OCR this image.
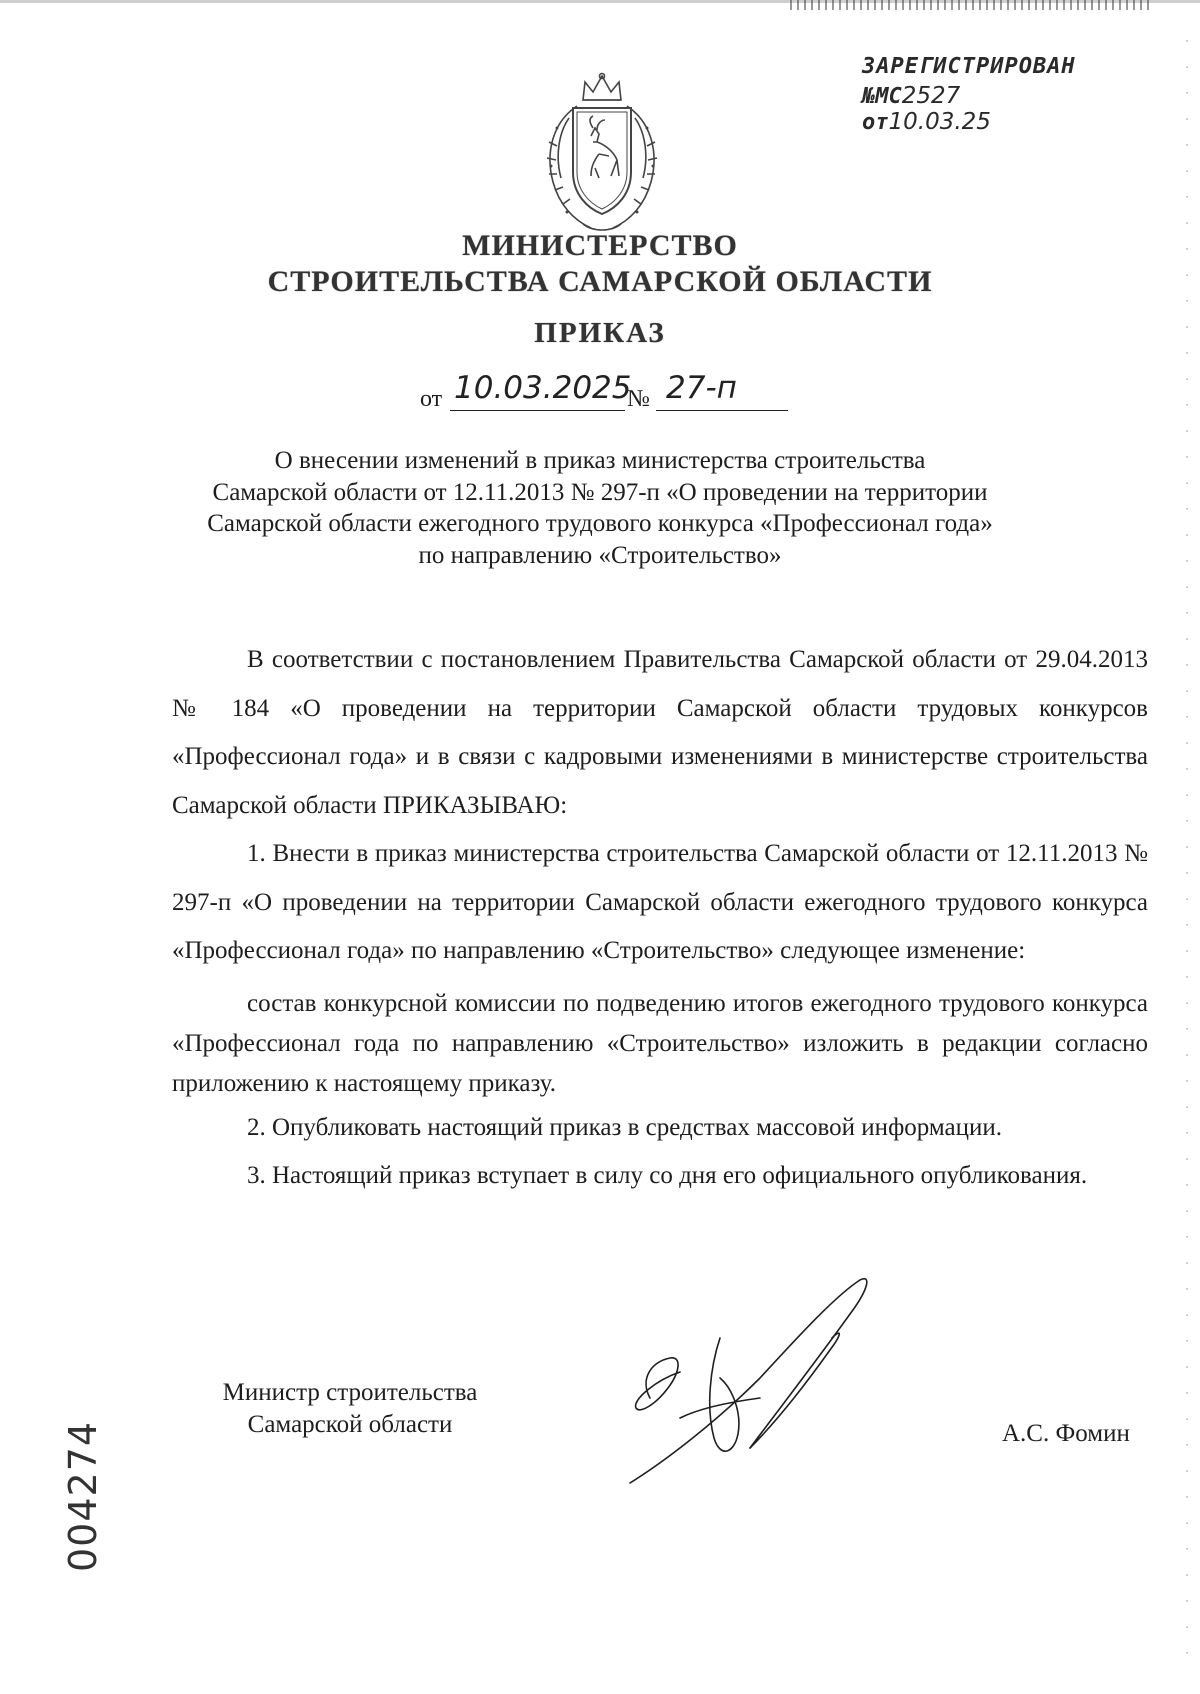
ЗАРЕГИСТРИРОВАН
№МС2527 от10.03.25
МИНИСТЕРСТВО
СТРОИТЕЛЬСТВА САМАРСКОЙ ОБЛАСТИ
ПРИКАЗ
от 10.03.2025
№ 27-п
О внесении изменений в приказ министерства строительства
Самарской области от 12.11.2013 № 297-п «О проведении на территории
Самарской области ежегодного трудового конкурса «Профессионал года»
по направлению «Строительство»

В соответствии с постановлением Правительства Самарской области от 29.04.2013 № 184 «О проведении на территории Самарской области трудовых конкурсов «Профессионал года» и в связи с кадровыми изменениями в министерстве строительства Самарской области ПРИКАЗЫВАЮ:

1. Внести в приказ министерства строительства Самарской области от 12.11.2013 № 297-п «О проведении на территории Самарской области ежегодного трудового конкурса «Профессионал года» по направлению «Строительство» следующее изменение:

состав конкурсной комиссии по подведению итогов ежегодного трудового конкурса «Профессионал года по направлению «Строительство» изложить в редакции согласно приложению к настоящему приказу.

2. Опубликовать настоящий приказ в средствах массовой информации.

3. Настоящий приказ вступает в силу со дня его официального опубликования.

Министр строительства
Самарской области	А.С. Фомин
004274
